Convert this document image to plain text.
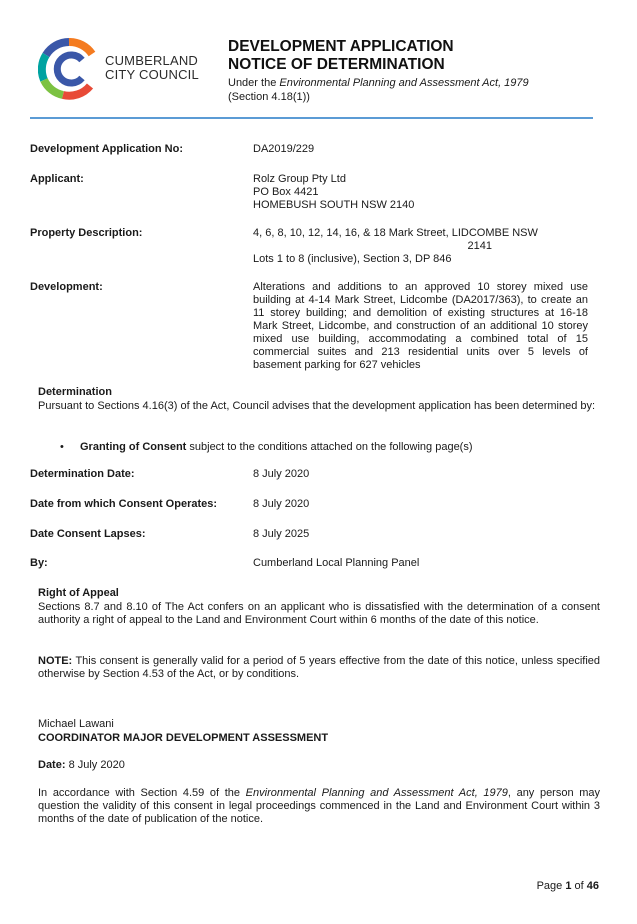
CUMBERLAND
CITY COUNCIL
DEVELOPMENT APPLICATION
NOTICE OF DETERMINATION
Under the Environmental Planning and Assessment Act, 1979
(Section 4.18(1))
Development Application No:	DA2019/229
Applicant:	Rolz Group Pty Ltd
PO Box 4421
HOMEBUSH SOUTH NSW 2140
Property Description:	4, 6, 8, 10, 12, 14, 16, & 18 Mark Street, LIDCOMBE NSW
2141
Lots 1 to 8 (inclusive), Section 3, DP 846
Development:	Alterations and additions to an approved 10 storey mixed use building at 4-14 Mark Street, Lidcombe (DA2017/363), to create an 11 storey building; and demolition of existing structures at 16-18 Mark Street, Lidcombe, and construction of an additional 10 storey mixed use building, accommodating a combined total of 15 commercial suites and 213 residential units over 5 levels of basement parking for 627 vehicles
Determination
Pursuant to Sections 4.16(3) of the Act, Council advises that the development application has been determined by:
• Granting of Consent subject to the conditions attached on the following page(s)
Determination Date:	8 July 2020
Date from which Consent Operates:	8 July 2020
Date Consent Lapses:	8 July 2025
By:	Cumberland Local Planning Panel
Right of Appeal
Sections 8.7 and 8.10 of The Act confers on an applicant who is dissatisfied with the determination of a consent authority a right of appeal to the Land and Environment Court within 6 months of the date of this notice.
NOTE: This consent is generally valid for a period of 5 years effective from the date of this notice, unless specified otherwise by Section 4.53 of the Act, or by conditions.
Michael Lawani
COORDINATOR MAJOR DEVELOPMENT ASSESSMENT
Date: 8 July 2020
In accordance with Section 4.59 of the Environmental Planning and Assessment Act, 1979, any person may question the validity of this consent in legal proceedings commenced in the Land and Environment Court within 3 months of the date of publication of the notice.
Page 1 of 46
